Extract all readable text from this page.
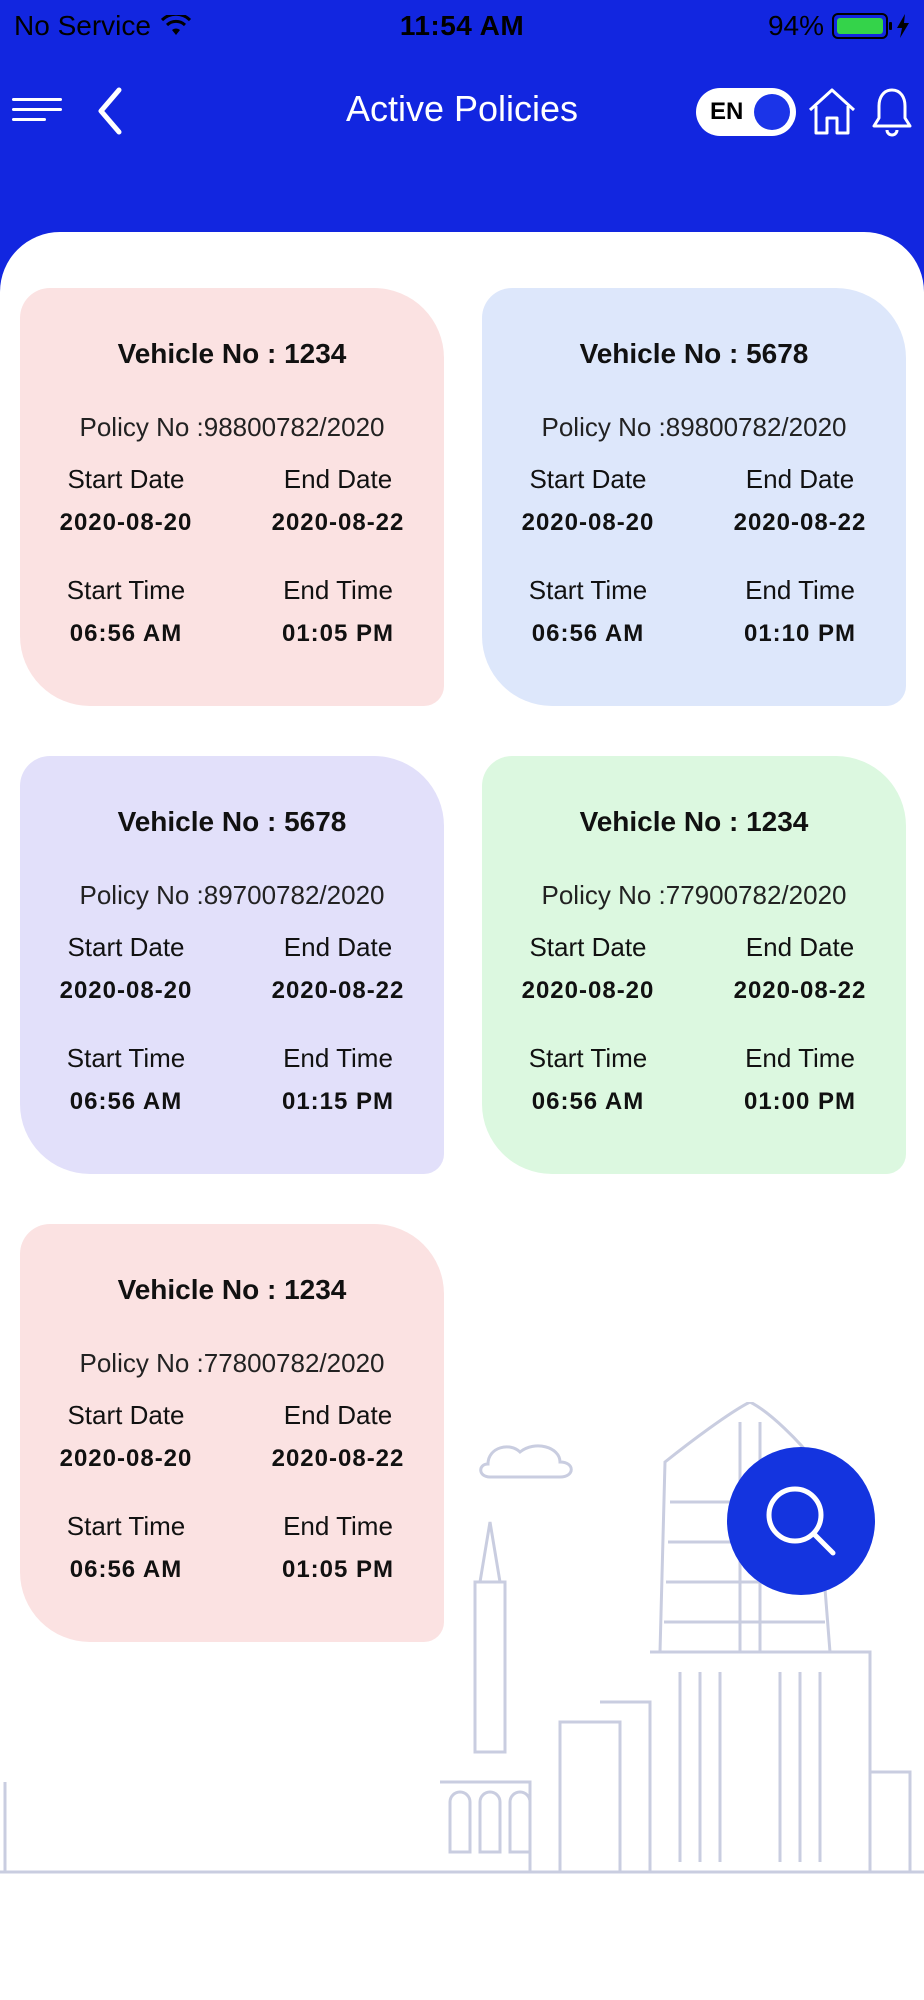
No Service	11:54 AM	94%
Active Policies	EN
Vehicle No : 1234
Policy No :98800782/2020
Start Date
2020-08-20
End Date
2020-08-22
Start Time
06:56 AM
End Time
01:05 PM
Vehicle No : 5678
Policy No :89800782/2020
Start Date
2020-08-20
End Date
2020-08-22
Start Time
06:56 AM
End Time
01:10 PM
Vehicle No : 5678
Policy No :89700782/2020
Start Date
2020-08-20
End Date
2020-08-22
Start Time
06:56 AM
End Time
01:15 PM
Vehicle No : 1234
Policy No :77900782/2020
Start Date
2020-08-20
End Date
2020-08-22
Start Time
06:56 AM
End Time
01:00 PM
Vehicle No : 1234
Policy No :77800782/2020
Start Date
2020-08-20
End Date
2020-08-22
Start Time
06:56 AM
End Time
01:05 PM
